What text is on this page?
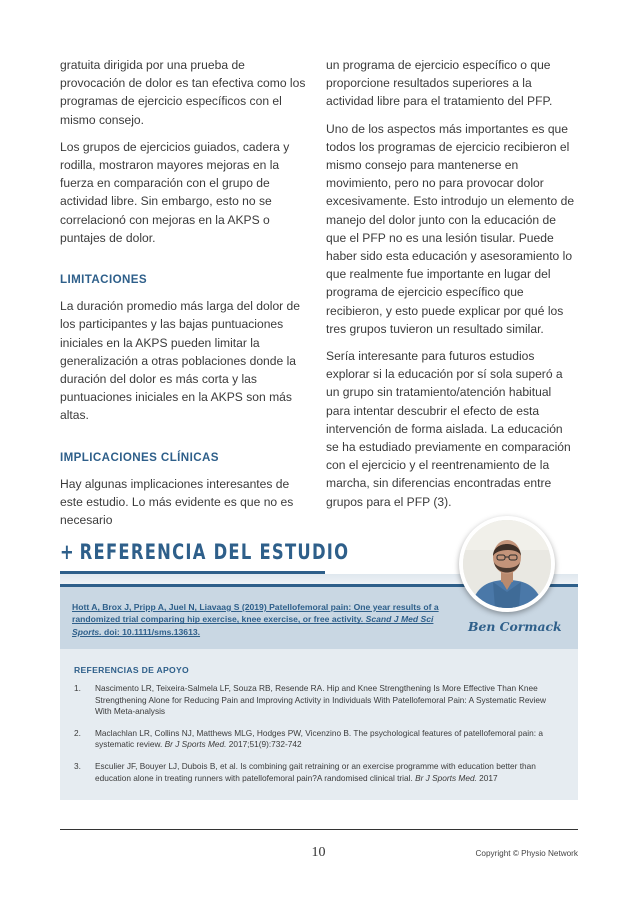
gratuita dirigida por una prueba de provocación de dolor es tan efectiva como los programas de ejercicio específicos con el mismo consejo.

Los grupos de ejercicios guiados, cadera y rodilla, mostraron mayores mejoras en la fuerza en comparación con el grupo de actividad libre. Sin embargo, esto no se correlacionó con mejoras en la AKPS o puntajes de dolor.

LIMITACIONES

La duración promedio más larga del dolor de los participantes y las bajas puntuaciones iniciales en la AKPS pueden limitar la generalización a otras poblaciones donde la duración del dolor es más corta y las puntuaciones iniciales en la AKPS son más altas.

IMPLICACIONES CLÍNICAS

Hay algunas implicaciones interesantes de este estudio. Lo más evidente es que no es necesario

un programa de ejercicio específico o que proporcione resultados superiores a la actividad libre para el tratamiento del PFP.

Uno de los aspectos más importantes es que todos los programas de ejercicio recibieron el mismo consejo para mantenerse en movimiento, pero no para provocar dolor excesivamente. Esto introdujo un elemento de manejo del dolor junto con la educación de que el PFP no es una lesión tisular. Puede haber sido esta educación y asesoramiento lo que realmente fue importante en lugar del programa de ejercicio específico que recibieron, y esto puede explicar por qué los tres grupos tuvieron un resultado similar.

Sería interesante para futuros estudios explorar si la educación por sí sola superó a un grupo sin tratamiento/atención habitual para intentar descubrir el efecto de esta intervención de forma aislada. La educación se ha estudiado previamente en comparación con el ejercicio y el reentrenamiento de la marcha, sin diferencias encontradas entre grupos para el PFP (3).

+ REFERENCIA DEL ESTUDIO
Hott A, Brox J, Pripp A, Juel N, Liavaag S (2019) Patellofemoral pain: One year results of a randomized trial comparing hip exercise, knee exercise, or free activity. Scand J Med Sci Sports. doi: 10.1111/sms.13613.	Ben Cormack
REFERENCIAS DE APOYO
1. Nascimento LR, Teixeira-Salmela LF, Souza RB, Resende RA. Hip and Knee Strengthening Is More Effective Than Knee Strengthening Alone for Reducing Pain and Improving Activity in Individuals With Patellofemoral Pain: A Systematic Review With Meta-analysis
2. Maclachlan LR, Collins NJ, Matthews MLG, Hodges PW, Vicenzino B. The psychological features of patellofemoral pain: a systematic review. Br J Sports Med. 2017;51(9):732-742
3. Esculier JF, Bouyer LJ, Dubois B, et al. Is combining gait retraining or an exercise programme with education better than education alone in treating runners with patellofemoral pain?A randomised clinical trial. Br J Sports Med. 2017
10	Copyright © Physio Network
